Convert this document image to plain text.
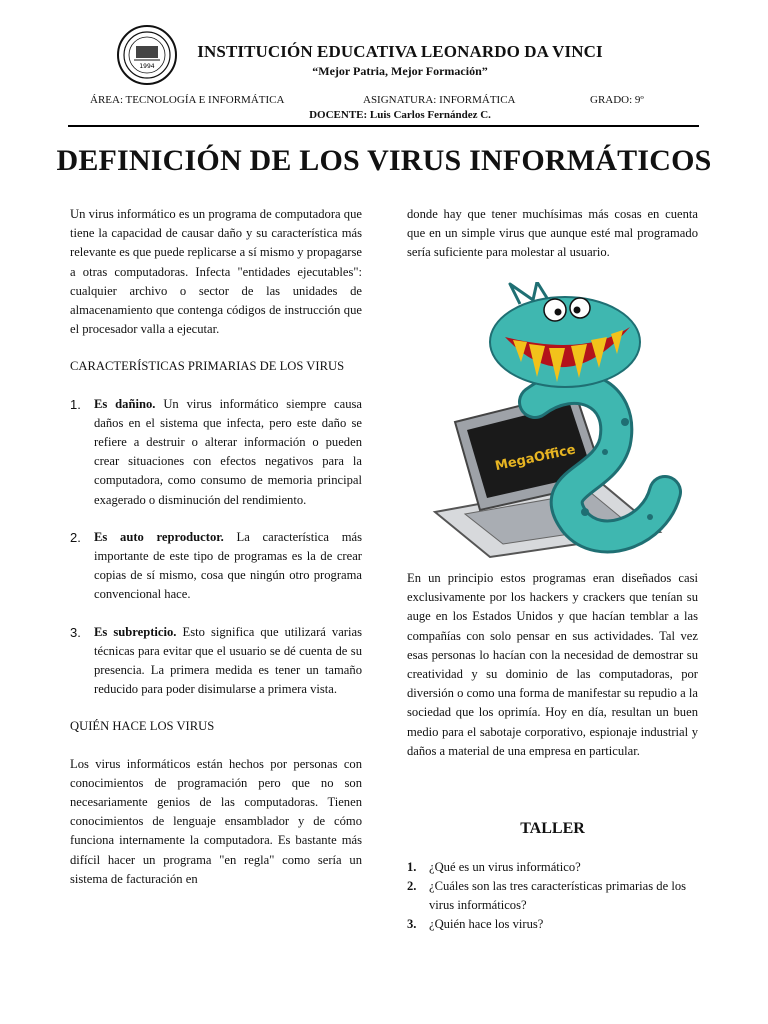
1994
INSTITUCIÓN EDUCATIVA LEONARDO DA VINCI
“Mejor Patria, Mejor Formación”
ÁREA: TECNOLOGÍA E INFORMÁTICA	ASIGNATURA: INFORMÁTICA	GRADO: 9º
DOCENTE: Luis Carlos Fernández C.
DEFINICIÓN DE LOS VIRUS INFORMÁTICOS

Un virus informático es un programa de computadora que tiene la capacidad de causar daño y su característica más relevante es que puede replicarse a sí mismo y propagarse a otras computadoras. Infecta "entidades ejecutables": cualquier archivo o sector de las unidades de almacenamiento que contenga códigos de instrucción que el procesador valla a ejecutar.

CARACTERÍSTICAS PRIMARIAS DE LOS VIRUS
1.	Es dañino. Un virus informático siempre causa daños en el sistema que infecta, pero este daño se refiere a destruir o alterar información o pueden crear situaciones con efectos negativos para la computadora, como consumo de memoria principal exagerado o disminución del rendimiento.
2.	Es auto reproductor. La característica más importante de este tipo de programas es la de crear copias de sí mismo, cosa que ningún otro programa convencional hace.
3.	Es subrepticio. Esto significa que utilizará varias técnicas para evitar que el usuario se dé cuenta de su presencia. La primera medida es tener un tamaño reducido para poder disimularse a primera vista.
QUIÉN HACE LOS VIRUS

Los virus informáticos están hechos por personas con conocimientos de programación pero que no son necesariamente genios de las computadoras. Tienen conocimientos de lenguaje ensamblador y de cómo funciona internamente la computadora. Es bastante más difícil hacer un programa "en regla" como sería un sistema de facturación en

donde hay que tener muchísimas más cosas en cuenta que en un simple virus que aunque esté mal programado sería suficiente para molestar al usuario.

MegaOffice

En un principio estos programas eran diseñados casi exclusivamente por los hackers y crackers que tenían su auge en los Estados Unidos y que hacían temblar a las compañías con solo pensar en sus actividades. Tal vez esas personas lo hacían con la necesidad de demostrar su creatividad y su dominio de las computadoras, por diversión o como una forma de manifestar su repudio a la sociedad que los oprimía. Hoy en día, resultan un buen medio para el sabotaje corporativo, espionaje industrial y daños a material de una empresa en particular.

TALLER
1. ¿Qué es un virus informático?
2. ¿Cuáles son las tres características primarias de los virus informáticos?
3. ¿Quién hace los virus?
